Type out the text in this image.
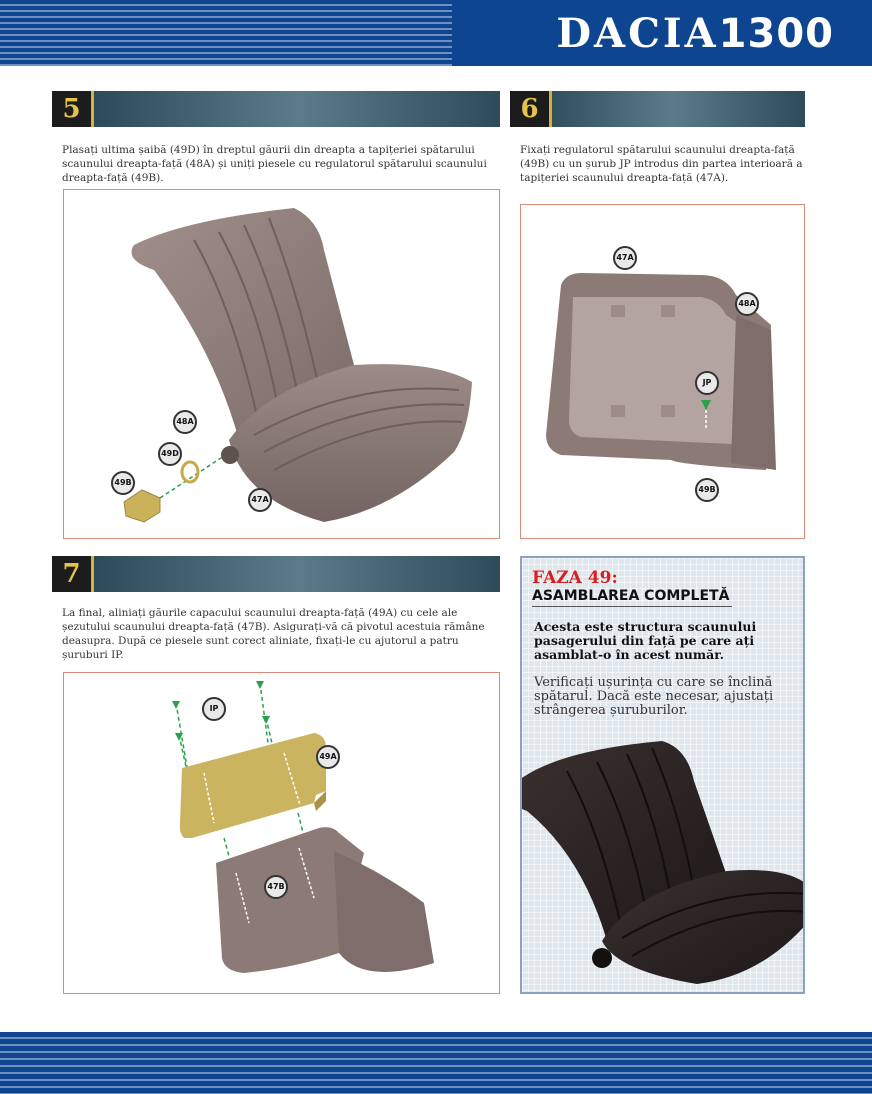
DACIA1300
5
Plasați ultima șaibă (49D) în dreptul găurii din dreapta a tapițeriei spătarului scaunului dreapta-față (48A) și uniți piesele cu regulatorul spătarului scaunului dreapta-față (49B).
48A
49D
49B
47A
6
Fixați regulatorul spătarului scaunului dreapta-față (49B) cu un șurub JP introdus din partea interioară a tapițeriei scaunului dreapta-față (47A).
47A
48A
JP
49B
7
La final, aliniați găurile capacului scaunului dreapta-față (49A) cu cele ale șezutului scaunului dreapta-față (47B). Asigurați-vă că pivotul acestuia rămâne deasupra. După ce piesele sunt corect aliniate, fixați-le cu ajutorul a patru șuruburi IP.
IP
49A
47B
FAZA 49:
ASAMBLAREA COMPLETĂ
Acesta este structura scaunului pasagerului din față pe care ați asamblat-o în acest număr.
Verificați ușurința cu care se înclină spătarul. Dacă este necesar, ajustați strângerea șuruburilor.
